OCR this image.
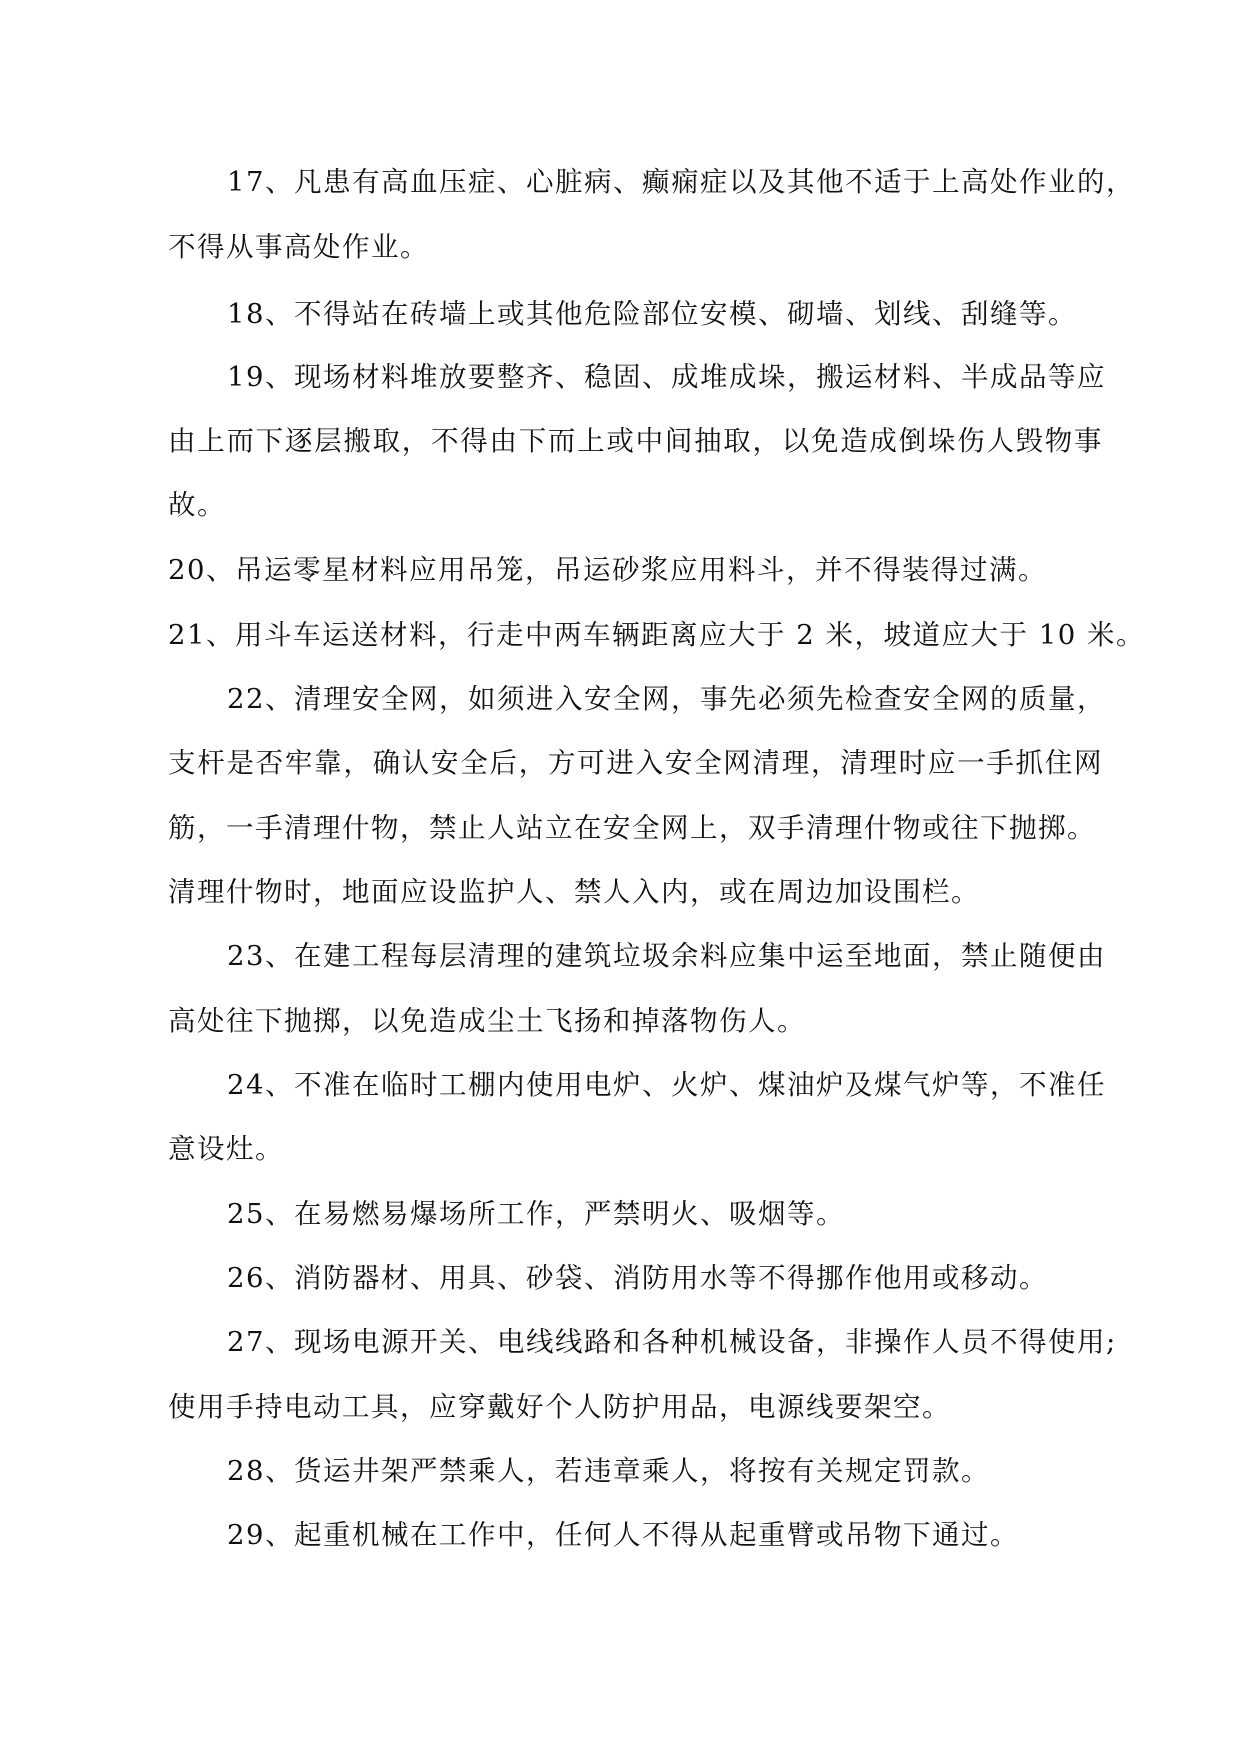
17、凡患有高血压症、心脏病、癫痫症以及其他不适于上高处作业的，
不得从事高处作业。
18、不得站在砖墙上或其他危险部位安模、砌墙、划线、刮缝等。
19、现场材料堆放要整齐、稳固、成堆成垛，搬运材料、半成品等应
由上而下逐层搬取，不得由下而上或中间抽取，以免造成倒垛伤人毁物事
故。
20、吊运零星材料应用吊笼，吊运砂浆应用料斗，并不得装得过满。
21、用斗车运送材料，行走中两车辆距离应大于 2 米，坡道应大于 10 米。
22、清理安全网，如须进入安全网，事先必须先检查安全网的质量，
支杆是否牢靠，确认安全后，方可进入安全网清理，清理时应一手抓住网
筋，一手清理什物，禁止人站立在安全网上，双手清理什物或往下抛掷。
清理什物时，地面应设监护人、禁人入内，或在周边加设围栏。
23、在建工程每层清理的建筑垃圾余料应集中运至地面，禁止随便由
高处往下抛掷，以免造成尘土飞扬和掉落物伤人。
24、不准在临时工棚内使用电炉、火炉、煤油炉及煤气炉等，不准任
意设灶。
25、在易燃易爆场所工作，严禁明火、吸烟等。
26、消防器材、用具、砂袋、消防用水等不得挪作他用或移动。
27、现场电源开关、电线线路和各种机械设备，非操作人员不得使用;
使用手持电动工具，应穿戴好个人防护用品，电源线要架空。
28、货运井架严禁乘人，若违章乘人，将按有关规定罚款。
29、起重机械在工作中，任何人不得从起重臂或吊物下通过。
